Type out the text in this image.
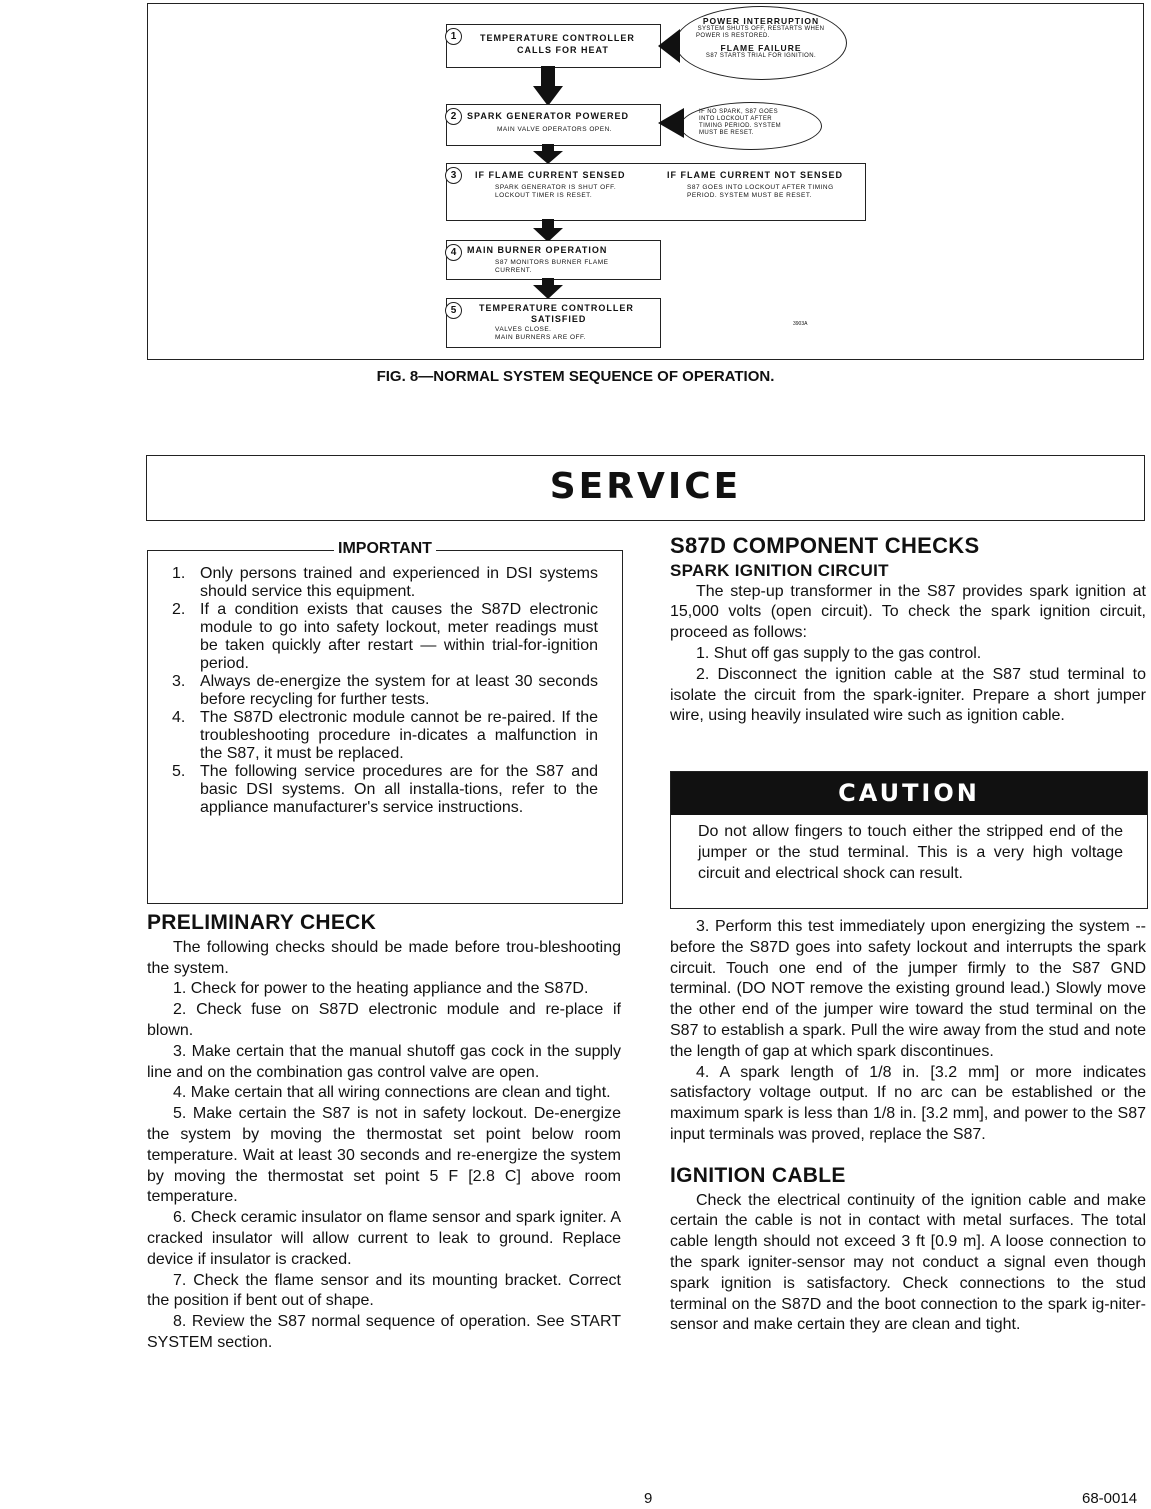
1	TEMPERATURE CONTROLLER
CALLS FOR HEAT
POWER INTERRUPTION
SYSTEM SHUTS OFF, RESTARTS WHEN
POWER IS RESTORED.
FLAME FAILURE
S87 STARTS TRIAL FOR IGNITION.
2	SPARK GENERATOR POWERED
MAIN VALVE OPERATORS OPEN.
IF NO SPARK, S87 GOES
INTO LOCKOUT AFTER
TIMING PERIOD. SYSTEM
MUST BE RESET.
3	IF FLAME CURRENT SENSED
SPARK GENERATOR IS SHUT OFF.
LOCKOUT TIMER IS RESET.
IF FLAME CURRENT NOT SENSED
S87 GOES INTO LOCKOUT AFTER TIMING
PERIOD. SYSTEM MUST BE RESET.
4	MAIN BURNER OPERATION
S87 MONITORS BURNER FLAME
CURRENT.
5	TEMPERATURE CONTROLLER
SATISFIED
VALVES CLOSE.
MAIN BURNERS ARE OFF.
3903A
FIG. 8—NORMAL SYSTEM SEQUENCE OF OPERATION.
SERVICE
IMPORTANT
1. Only persons trained and experienced in DSI systems should service this equipment.
2. If a condition exists that causes the S87D electronic module to go into safety lockout, meter readings must be taken quickly after restart — within trial-for-ignition period.
3. Always de-energize the system for at least 30 seconds before recycling for further tests.
4. The S87D electronic module cannot be re-paired. If the troubleshooting procedure in-dicates a malfunction in the S87, it must be replaced.
5. The following service procedures are for the S87 and basic DSI systems. On all installa-tions, refer to the appliance manufacturer's service instructions.
PRELIMINARY CHECK

The following checks should be made before trou-bleshooting the system.

1. Check for power to the heating appliance and the S87D.

2. Check fuse on S87D electronic module and re-place if blown.

3. Make certain that the manual shutoff gas cock in the supply line and on the combination gas control valve are open.

4. Make certain that all wiring connections are clean and tight.

5. Make certain the S87 is not in safety lockout. De-energize the system by moving the thermostat set point below room temperature. Wait at least 30 seconds and re-energize the system by moving the thermostat set point 5 F [2.8 C] above room temperature.

6. Check ceramic insulator on flame sensor and spark igniter. A cracked insulator will allow current to leak to ground. Replace device if insulator is cracked.

7. Check the flame sensor and its mounting bracket. Correct the position if bent out of shape.

8. Review the S87 normal sequence of operation. See START SYSTEM section.

S87D COMPONENT CHECKS
SPARK IGNITION CIRCUIT

The step-up transformer in the S87 provides spark ignition at 15,000 volts (open circuit). To check the spark ignition circuit, proceed as follows:

1. Shut off gas supply to the gas control.

2. Disconnect the ignition cable at the S87 stud terminal to isolate the circuit from the spark-igniter. Prepare a short jumper wire, using heavily insulated wire such as ignition cable.

CAUTION
Do not allow fingers to touch either the stripped end of the jumper or the stud terminal. This is a very high voltage circuit and electrical shock can result.

3. Perform this test immediately upon energizing the system -- before the S87D goes into safety lockout and interrupts the spark circuit. Touch one end of the jumper firmly to the S87 GND terminal. (DO NOT remove the existing ground lead.) Slowly move the other end of the jumper wire toward the stud terminal on the S87 to establish a spark. Pull the wire away from the stud and note the length of gap at which spark discontinues.

4. A spark length of 1/8 in. [3.2 mm] or more indicates satisfactory voltage output. If no arc can be established or the maximum spark is less than 1/8 in. [3.2 mm], and power to the S87 input terminals was proved, replace the S87.

IGNITION CABLE

Check the electrical continuity of the ignition cable and make certain the cable is not in contact with metal surfaces. The total cable length should not exceed 3 ft [0.9 m]. A loose connection to the spark igniter-sensor may not conduct a signal even though spark ignition is satisfactory. Check connections to the stud terminal on the S87D and the boot connection to the spark ig-niter-sensor and make certain they are clean and tight.

9	68-0014
